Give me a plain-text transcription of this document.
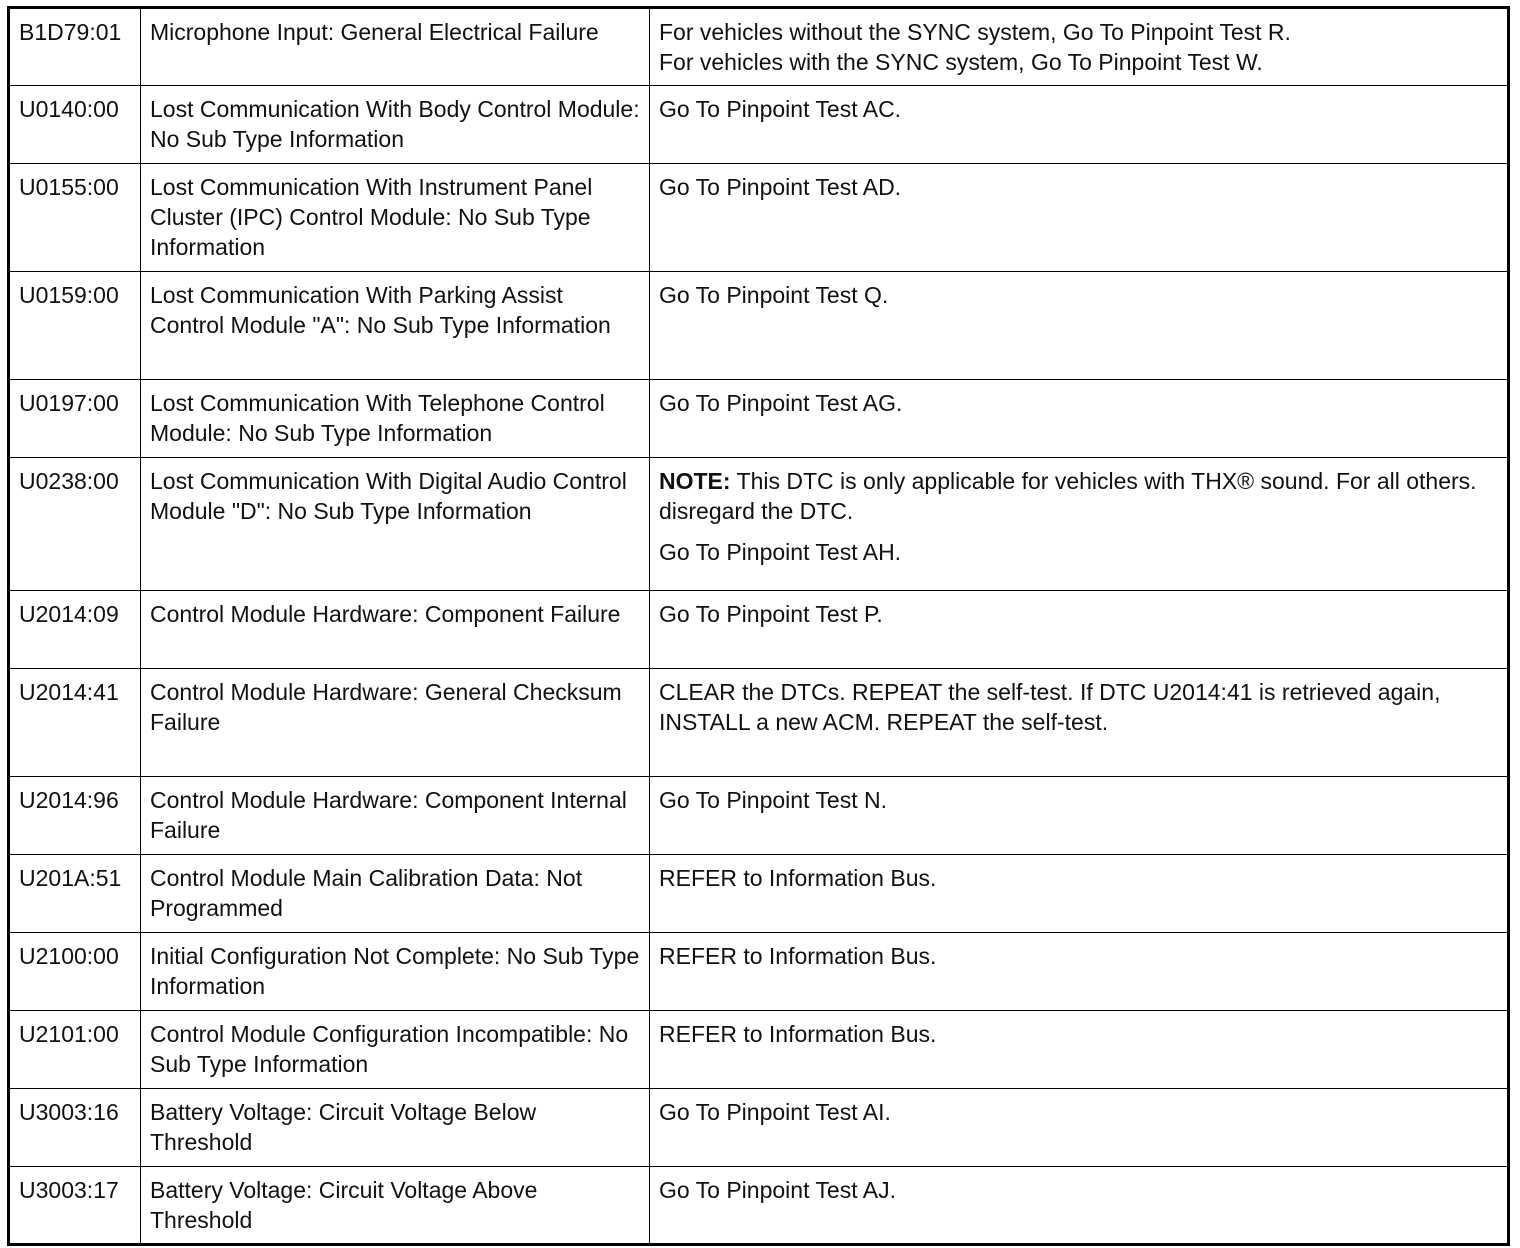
B1D79:01	Microphone Input: General Electrical Failure	For vehicles without the SYNC system, Go To Pinpoint Test R.
For vehicles with the SYNC system, Go To Pinpoint Test W.

U0140:00	Lost Communication With Body Control Module: No Sub Type Information	Go To Pinpoint Test AC.
U0155:00	Lost Communication With Instrument Panel Cluster (IPC) Control Module: No Sub Type Information	Go To Pinpoint Test AD.
U0159:00	Lost Communication With Parking Assist Control Module "A": No Sub Type Information	Go To Pinpoint Test Q.
U0197:00	Lost Communication With Telephone Control Module: No Sub Type Information	Go To Pinpoint Test AG.
U0238:00	Lost Communication With Digital Audio Control Module "D": No Sub Type Information	NOTE: This DTC is only applicable for vehicles with THX® sound. For all others. disregard the DTC.
Go To Pinpoint Test AH.

U2014:09	Control Module Hardware: Component Failure	Go To Pinpoint Test P.
U2014:41	Control Module Hardware: General Checksum Failure	CLEAR the DTCs. REPEAT the self-test. If DTC U2014:41 is retrieved again, INSTALL a new ACM. REPEAT the self-test.
U2014:96	Control Module Hardware: Component Internal Failure	Go To Pinpoint Test N.
U201A:51	Control Module Main Calibration Data: Not Programmed	REFER to Information Bus.
U2100:00	Initial Configuration Not Complete: No Sub Type Information	REFER to Information Bus.
U2101:00	Control Module Configuration Incompatible: No Sub Type Information	REFER to Information Bus.
U3003:16	Battery Voltage: Circuit Voltage Below Threshold	Go To Pinpoint Test AI.
U3003:17	Battery Voltage: Circuit Voltage Above Threshold	Go To Pinpoint Test AJ.
